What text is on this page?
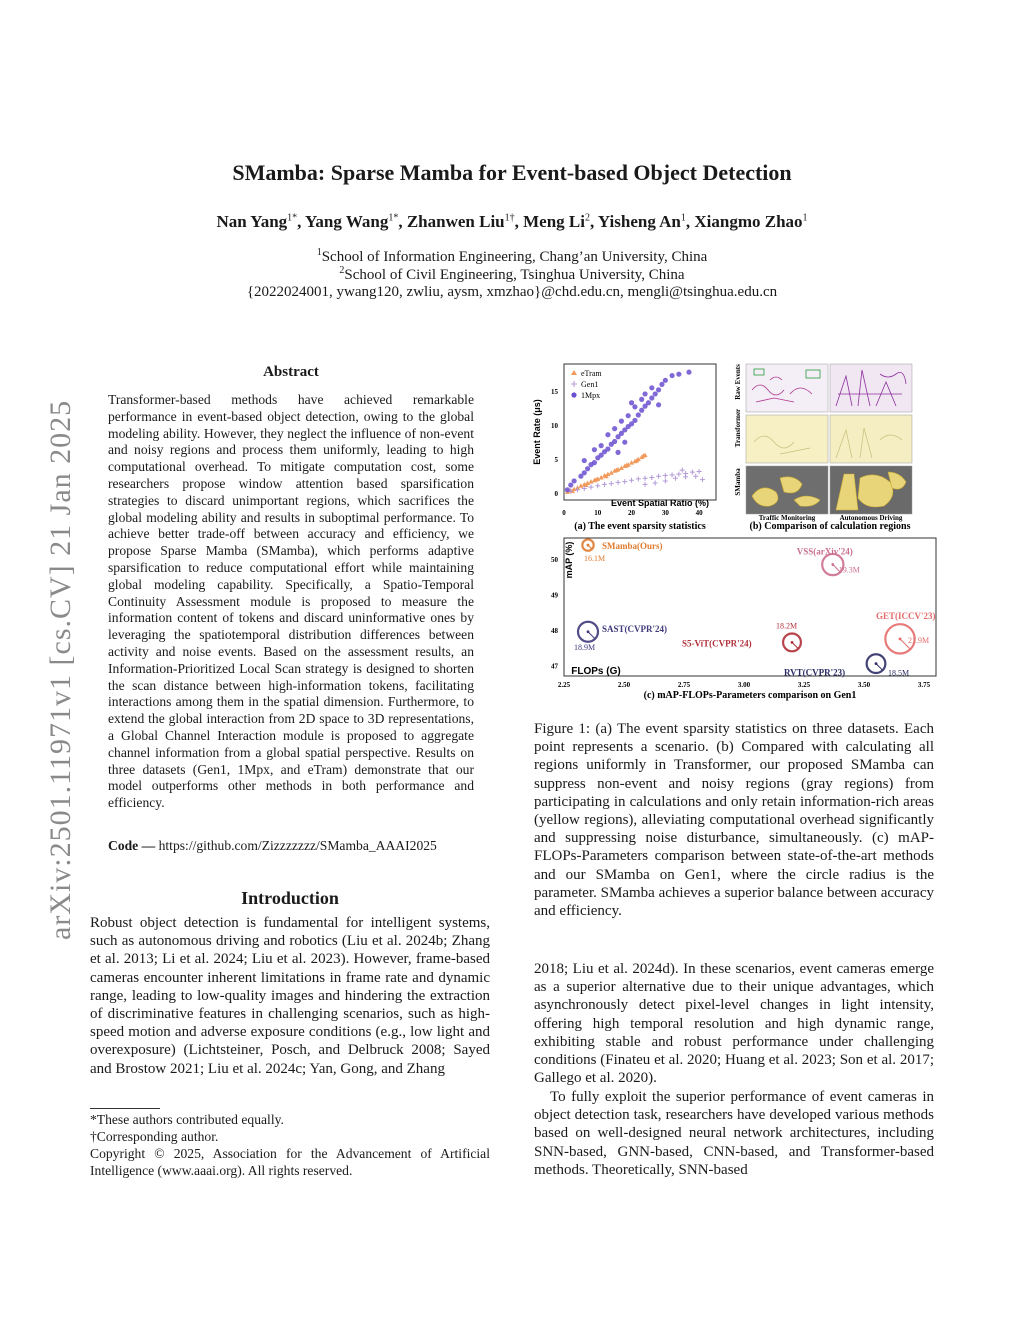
arXiv:2501.11971v1 [cs.CV] 21 Jan 2025
SMamba: Sparse Mamba for Event-based Object Detection
Nan Yang$^{1*}$, Yang Wang$^{1*}$, Zhanwen Liu$^{1\dagger}$, Meng Li$^2$, Yisheng An$^1$, Xiangmo Zhao$^1$
$^1$School of Information Engineering, Chang’an University, China
$^2$School of Civil Engineering, Tsinghua University, China
{2022024001, ywang120, zwliu, aysm, xmzhao}@chd.edu.cn, mengli@tsinghua.edu.cn
Abstract
Transformer-based methods have achieved remarkable performance in event-based object detection, owing to the global modeling ability. However, they neglect the influence of non-event and noisy regions and process them uniformly, leading to high computational overhead. To mitigate computation cost, some researchers propose window attention based sparsification strategies to discard unimportant regions, which sacrifices the global modeling ability and results in suboptimal performance. To achieve better trade-off between accuracy and efficiency, we propose Sparse Mamba (SMamba), which performs adaptive sparsification to reduce computational effort while maintaining global modeling capability. Specifically, a Spatio-Temporal Continuity Assessment module is proposed to measure the information content of tokens and discard uninformative ones by leveraging the spatiotemporal distribution differences between activity and noise events. Based on the assessment results, an Information-Prioritized Local Scan strategy is designed to shorten the scan distance between high-information tokens, facilitating interactions among them in the spatial dimension. Furthermore, to extend the global interaction from 2D space to 3D representations, a Global Channel Interaction module is proposed to aggregate channel information from a global spatial perspective. Results on three datasets (Gen1, 1Mpx, and eTram) demonstrate that our model outperforms other methods in both performance and efficiency.
Code — https://github.com/Zizzzzzzz/SMamba_AAAI2025
Introduction
Robust object detection is fundamental for intelligent systems, such as autonomous driving and robotics (Liu et al. 2024b; Zhang et al. 2013; Li et al. 2024; Liu et al. 2023). However, frame-based cameras encounter inherent limitations in frame rate and dynamic range, leading to low-quality images and hindering the extraction of discriminative features in challenging scenarios, such as high-speed motion and adverse exposure conditions (e.g., low light and overexposure) (Lichtsteiner, Posch, and Delbruck 2008; Sayed and Brostow 2021; Liu et al. 2024c; Yan, Gong, and Zhang
*These authors contributed equally.
†Corresponding author.
Copyright © 2025, Association for the Advancement of Artificial Intelligence (www.aaai.org). All rights reserved.
Event Rate (μs)
Event Spatial Ratio (%)
(a) The event sparsity statistics
0	10	20	30	40
0
5
10
15
eTram
Gen1
1Mpx	Raw Events
Transformer
SMamba
Traffic Monitoring	Autonomous Driving
(b) Comparison of calculation regions
mAP (%)
FLOPs (G)
(c) mAP-FLOPs-Parameters comparison on Gen1
2.25	2.50	2.75	3.00	3.25	3.50	3.75
47
48
49
50
SMamba(Ours)
16.1M
VSS(arXiv'24)
19.3M
SAST(CVPR'24)
18.9M	S5-ViT(CVPR'24)
18.2M
GET(ICCV'23)
21.9M
RVT(CVPR'23)	18.5M
Figure 1: (a) The event sparsity statistics on three datasets. Each point represents a scenario. (b) Compared with calculating all regions uniformly in Transformer, our proposed SMamba can suppress non-event and noisy regions (gray regions) from participating in calculations and only retain information-rich areas (yellow regions), alleviating computational overhead significantly and suppressing noise disturbance, simultaneously. (c) mAP-FLOPs-Parameters comparison between state-of-the-art methods and our SMamba on Gen1, where the circle radius is the parameter. SMamba achieves a superior balance between accuracy and efficiency.
2018; Liu et al. 2024d). In these scenarios, event cameras emerge as a superior alternative due to their unique advantages, which asynchronously detect pixel-level changes in light intensity, offering high temporal resolution and high dynamic range, exhibiting stable and robust performance under challenging conditions (Finateu et al. 2020; Huang et al. 2023; Son et al. 2017; Gallego et al. 2020).
To fully exploit the superior performance of event cameras in object detection task, researchers have developed various methods based on well-designed neural network architectures, including SNN-based, GNN-based, CNN-based, and Transformer-based methods. Theoretically, SNN-based
